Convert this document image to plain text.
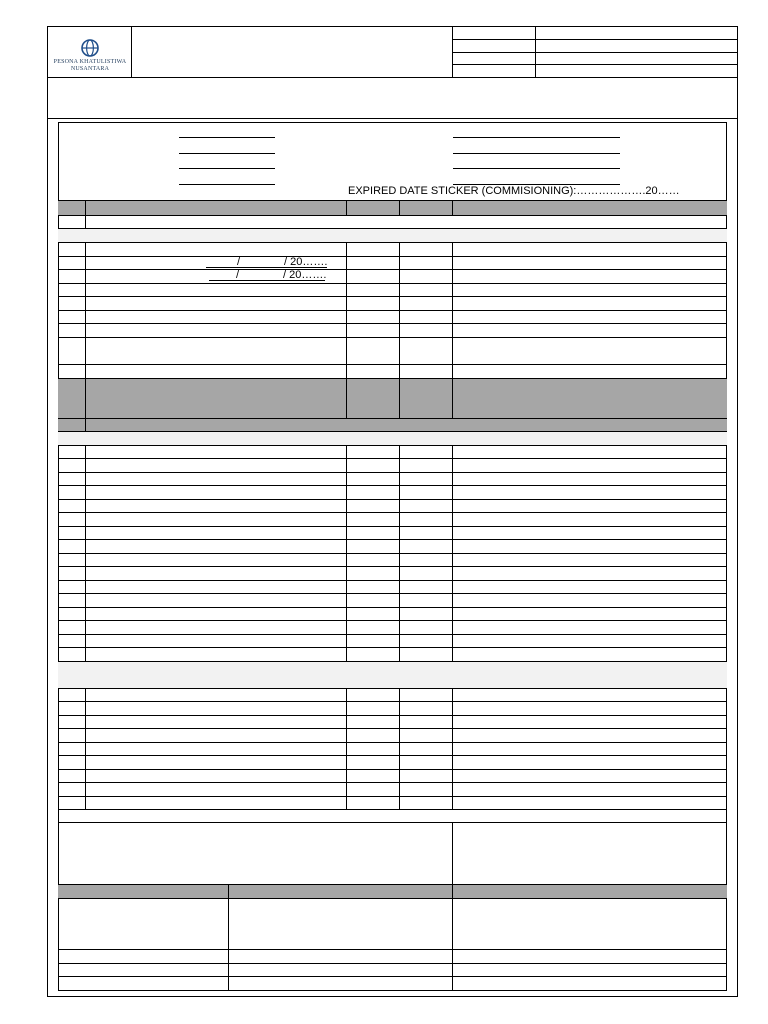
PESONA KHATULISTIWA
NUSANTARA
EXPIRED DATE STICKER (COMMISIONING):……………….20……
/	/ 20…….
/	/ 20…….
